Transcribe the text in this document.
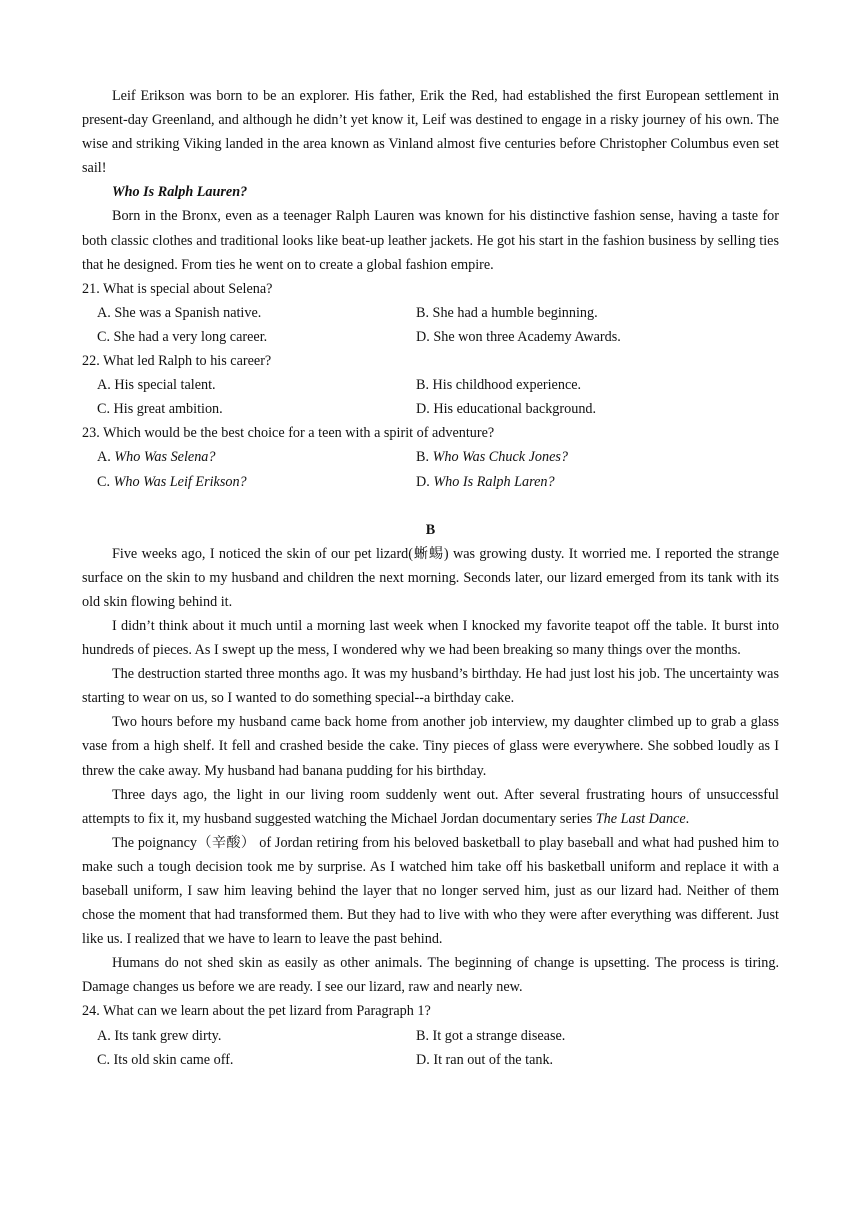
Leif Erikson was born to be an explorer. His father, Erik the Red, had established the first European settlement in present-day Greenland, and although he didn’t yet know it, Leif was destined to engage in a risky journey of his own. The wise and striking Viking landed in the area known as Vinland almost five centuries before Christopher Columbus even set sail!

Who Is Ralph Lauren?

Born in the Bronx, even as a teenager Ralph Lauren was known for his distinctive fashion sense, having a taste for both classic clothes and traditional looks like beat-up leather jackets. He got his start in the fashion business by selling ties that he designed. From ties he went on to create a global fashion empire.

21. What is special about Selena?

A. She was a Spanish native.	B. She had a humble beginning.
C. She had a very long career.	D. She won three Academy Awards.

22. What led Ralph to his career?

A. His special talent.	B. His childhood experience.
C. His great ambition.	D. His educational background.

23. Which would be the best choice for a teen with a spirit of adventure?

A. Who Was Selena?	B. Who Was Chuck Jones?
C. Who Was Leif Erikson?	D. Who Is Ralph Laren?

B

Five weeks ago, I noticed the skin of our pet lizard(蜥蜴) was growing dusty. It worried me. I reported the strange surface on the skin to my husband and children the next morning. Seconds later, our lizard emerged from its tank with its old skin flowing behind it.

I didn’t think about it much until a morning last week when I knocked my favorite teapot off the table. It burst into hundreds of pieces. As I swept up the mess, I wondered why we had been breaking so many things over the months.

The destruction started three months ago. It was my husband’s birthday. He had just lost his job. The uncertainty was starting to wear on us, so I wanted to do something special--a birthday cake.

Two hours before my husband came back home from another job interview, my daughter climbed up to grab a glass vase from a high shelf. It fell and crashed beside the cake. Tiny pieces of glass were everywhere. She sobbed loudly as I threw the cake away. My husband had banana pudding for his birthday.

Three days ago, the light in our living room suddenly went out. After several frustrating hours of unsuccessful attempts to fix it, my husband suggested watching the Michael Jordan documentary series The Last Dance.

The poignancy（辛酸） of Jordan retiring from his beloved basketball to play baseball and what had pushed him to make such a tough decision took me by surprise. As I watched him take off his basketball uniform and replace it with a baseball uniform, I saw him leaving behind the layer that no longer served him, just as our lizard had. Neither of them chose the moment that had transformed them. But they had to live with who they were after everything was different. Just like us. I realized that we have to learn to leave the past behind.

Humans do not shed skin as easily as other animals. The beginning of change is upsetting. The process is tiring. Damage changes us before we are ready. I see our lizard, raw and nearly new.

24. What can we learn about the pet lizard from Paragraph 1?

A. Its tank grew dirty.	B. It got a strange disease.
C. Its old skin came off.	D. It ran out of the tank.
